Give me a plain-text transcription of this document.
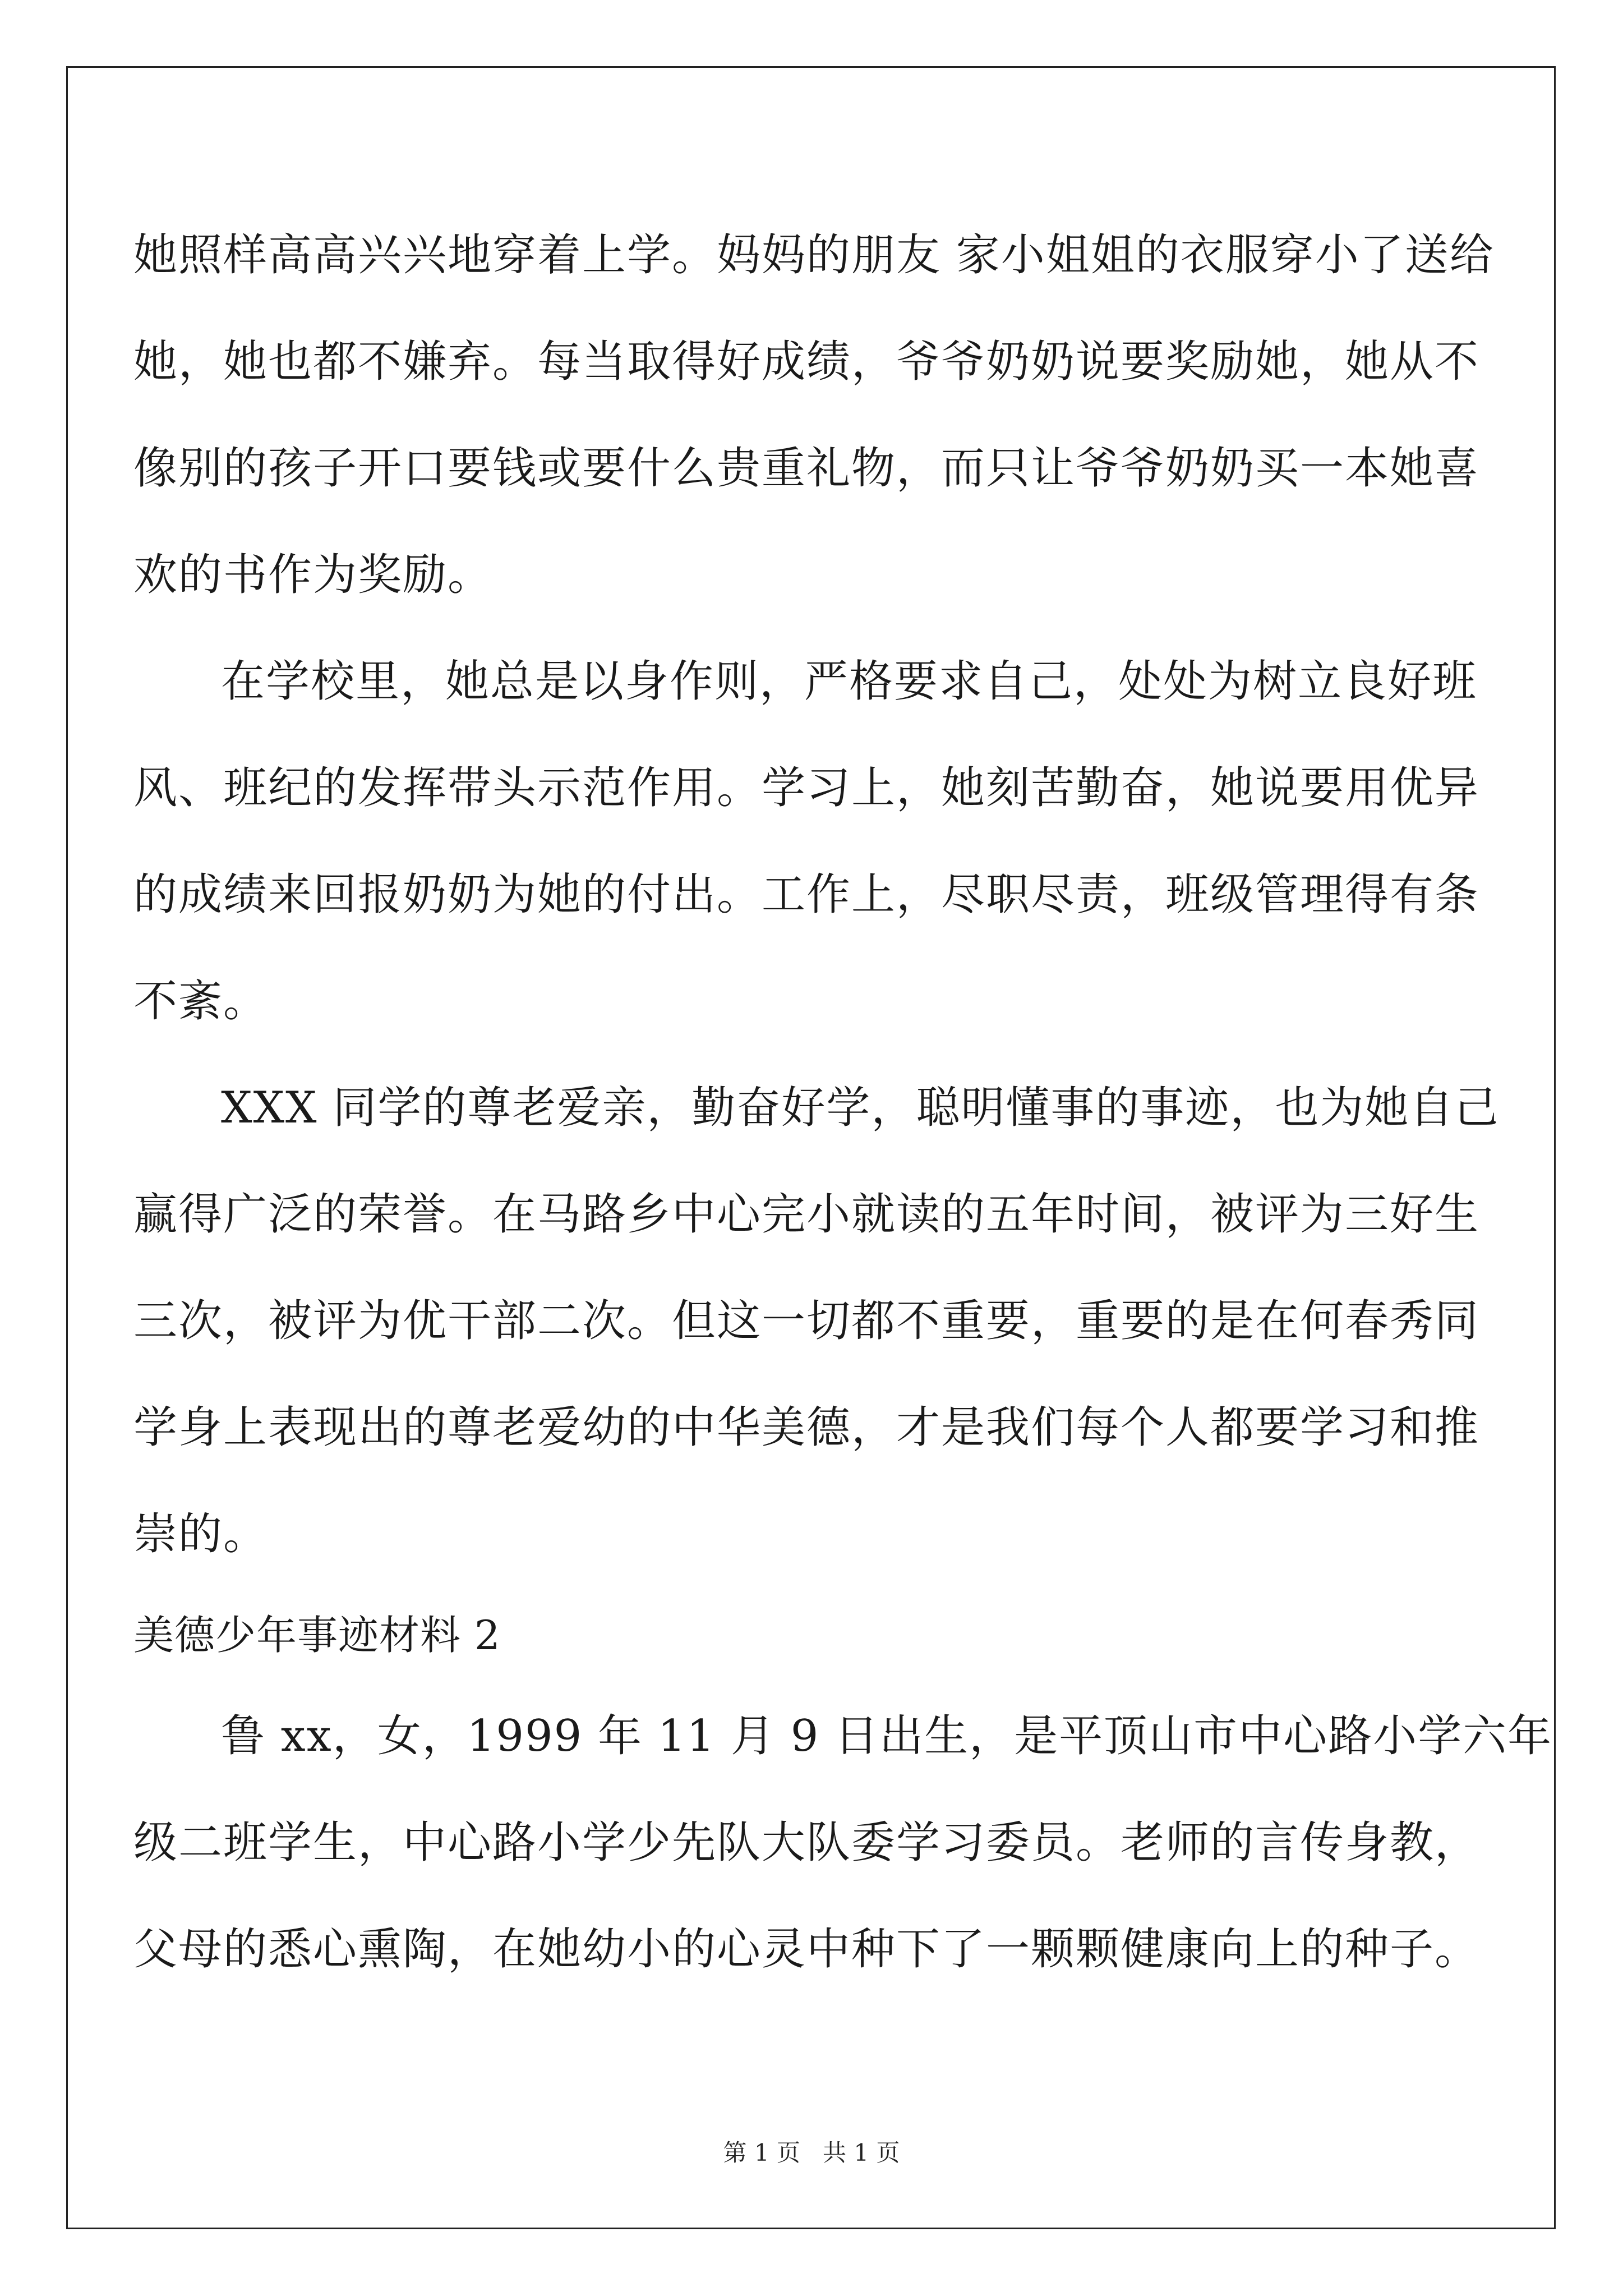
她照样高高兴兴地穿着上学。妈妈的朋友 家小姐姐的衣服穿小了送给
她，她也都不嫌弃。每当取得好成绩，爷爷奶奶说要奖励她，她从不
像别的孩子开口要钱或要什么贵重礼物，而只让爷爷奶奶买一本她喜
欢的书作为奖励。
在学校里，她总是以身作则，严格要求自己，处处为树立良好班
风、班纪的发挥带头示范作用。学习上，她刻苦勤奋，她说要用优异
的成绩来回报奶奶为她的付出。工作上，尽职尽责，班级管理得有条
不紊。
XXX 同学的尊老爱亲，勤奋好学，聪明懂事的事迹，也为她自己
赢得广泛的荣誉。在马路乡中心完小就读的五年时间，被评为三好生
三次，被评为优干部二次。但这一切都不重要，重要的是在何春秀同
学身上表现出的尊老爱幼的中华美德，才是我们每个人都要学习和推
崇的。
美德少年事迹材料 2
鲁 xx，女，1999 年 11 月 9 日出生，是平顶山市中心路小学六年
级二班学生，中心路小学少先队大队委学习委员。老师的言传身教，
父母的悉心熏陶，在她幼小的心灵中种下了一颗颗健康向上的种子。
第 1 页   共 1 页
